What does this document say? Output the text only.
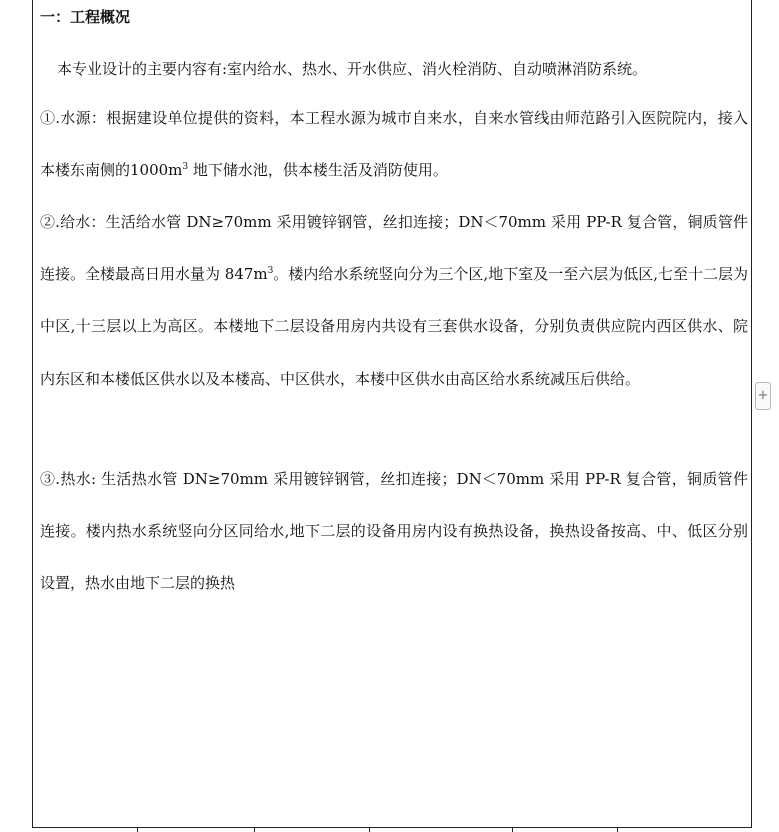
一：工程概况

本专业设计的主要内容有:室内给水、热水、开水供应、消火栓消防、自动喷淋消防系统。

①.水源：根据建设单位提供的资料，本工程水源为城市自来水，自来水管线由师范路引入医院院内，接入本楼东南侧的$1000m^3$ 地下储水池，供本楼生活及消防使用。

②.给水：生活给水管 DN≥70mm 采用镀锌钢管，丝扣连接；DN＜70mm 采用 PP-R 复合管，铜质管件连接。全楼最高日用水量为 $847m^3$。楼内给水系统竖向分为三个区,地下室及一至六层为低区,七至十二层为中区,十三层以上为高区。本楼地下二层设备用房内共设有三套供水设备，分别负责供应院内西区供水、院内东区和本楼低区供水以及本楼高、中区供水，本楼中区供水由高区给水系统减压后供给。

③.热水: 生活热水管 DN≥70mm 采用镀锌钢管，丝扣连接；DN＜70mm 采用 PP-R 复合管，铜质管件连接。楼内热水系统竖向分区同给水,地下二层的设备用房内设有换热设备，换热设备按高、中、低区分别设置，热水由地下二层的换热

+
